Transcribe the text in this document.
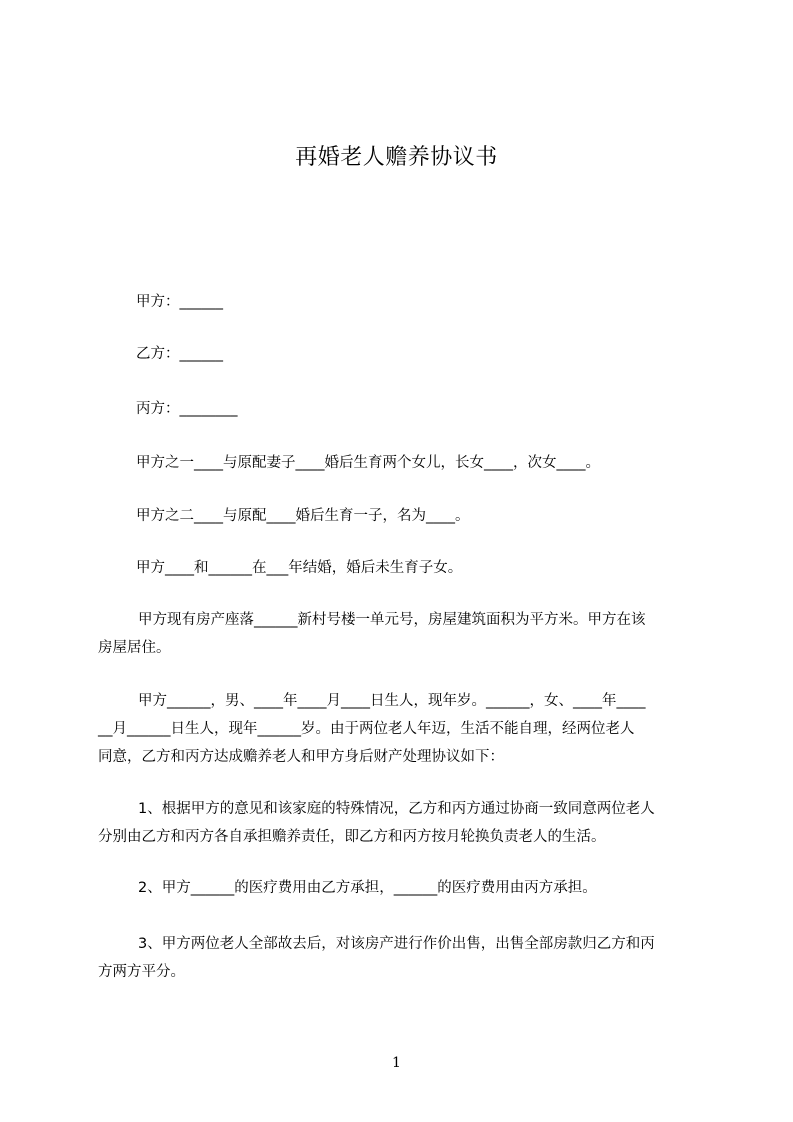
再婚老人赡养协议书
甲方：______
乙方：______
丙方：________
甲方之一____与原配妻子____婚后生育两个女儿，长女____，次女____。
甲方之二____与原配____婚后生育一子，名为____。
甲方____和______在___年结婚，婚后未生育子女。
甲方现有房产座落______新村号楼一单元号，房屋建筑面积为平方米。甲方在该
房屋居住。
甲方______，男、____年____月____日生人，现年岁。______，女、____年____
__月______日生人，现年______岁。由于两位老人年迈，生活不能自理，经两位老人
同意，乙方和丙方达成赡养老人和甲方身后财产处理协议如下：
1、根据甲方的意见和该家庭的特殊情况，乙方和丙方通过协商一致同意两位老人
分别由乙方和丙方各自承担赡养责任，即乙方和丙方按月轮换负责老人的生活。
2、甲方______的医疗费用由乙方承担，______的医疗费用由丙方承担。
3、甲方两位老人全部故去后，对该房产进行作价出售，出售全部房款归乙方和丙
方两方平分。
1
